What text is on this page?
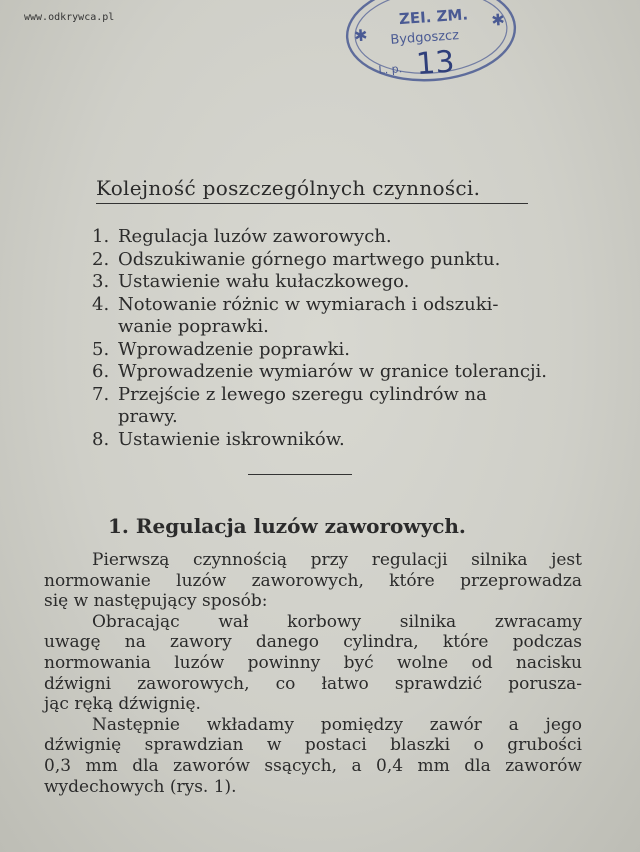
www.odkrywca.pl
✱
✱
ZEI. ZM.
Bydgoszcz
L. p. 13
Kolejność poszczególnych czynności.
1. Regulacja luzów zaworowych.
2. Odszukiwanie górnego martwego punktu.
3. Ustawienie wału kułaczkowego.
4. Notowanie różnic w wymiarach i odszuki-
wanie poprawki.
5. Wprowadzenie poprawki.
6. Wprowadzenie wymiarów w granice tolerancji.
7. Przejście z lewego szeregu cylindrów na
prawy.
8. Ustawienie iskrowników.
1. Regulacja luzów zaworowych.

Pierwszą czynnością przy regulacji silnika jest
normowanie luzów zaworowych, które przeprowadza
się w następujący sposób:

Obracając wał korbowy silnika zwracamy
uwagę na zawory danego cylindra, które podczas
normowania luzów powinny być wolne od nacisku
dźwigni zaworowych, co łatwo sprawdzić porusza-
jąc ręką dźwignię.

Następnie wkładamy pomiędzy zawór a jego
dźwignię sprawdzian w postaci blaszki o grubości
0,3 mm dla zaworów ssących, a 0,4 mm dla zaworów
wydechowych (rys. 1).
